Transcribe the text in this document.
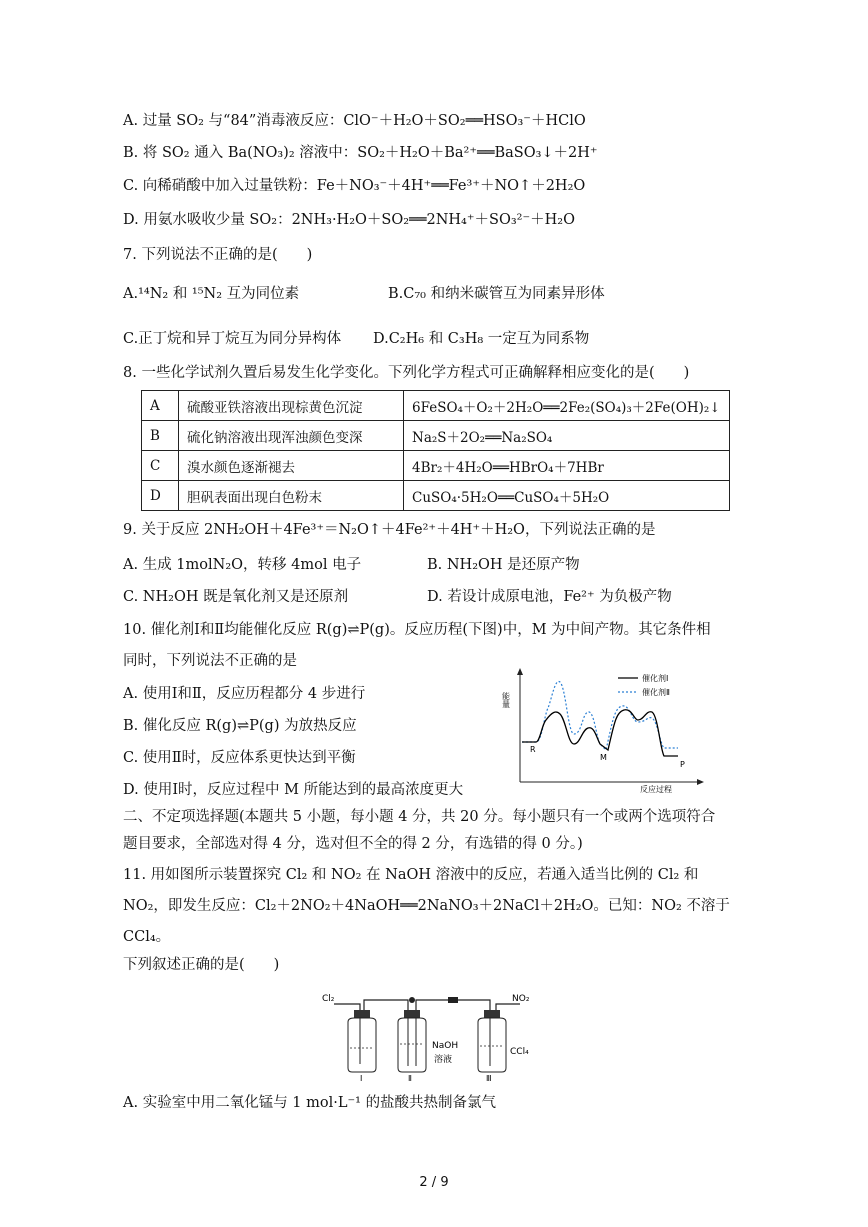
A. 过量 SO₂ 与“84”消毒液反应：ClO⁻＋H₂O＋SO₂══HSO₃⁻＋HClO
B. 将 SO₂ 通入 Ba(NO₃)₂ 溶液中：SO₂＋H₂O＋Ba²⁺══BaSO₃↓＋2H⁺
C. 向稀硝酸中加入过量铁粉：Fe＋NO₃⁻＋4H⁺══Fe³⁺＋NO↑＋2H₂O
D. 用氨水吸收少量 SO₂：2NH₃·H₂O＋SO₂══2NH₄⁺＋SO₃²⁻＋H₂O
7. 下列说法不正确的是(　　)
A.¹⁴N₂ 和 ¹⁵N₂ 互为同位素	B.C₇₀ 和纳米碳管互为同素异形体
C.正丁烷和异丁烷互为同分异构体 D.C₂H₆ 和 C₃H₈ 一定互为同系物
8. 一些化学试剂久置后易发生化学变化。下列化学方程式可正确解释相应变化的是(　　)
A	硫酸亚铁溶液出现棕黄色沉淀	6FeSO₄＋O₂＋2H₂O══2Fe₂(SO₄)₃＋2Fe(OH)₂↓
B	硫化钠溶液出现浑浊颜色变深	Na₂S＋2O₂══Na₂SO₄
C	溴水颜色逐渐褪去	4Br₂＋4H₂O══HBrO₄＋7HBr
D	胆矾表面出现白色粉末	CuSO₄·5H₂O══CuSO₄＋5H₂O
9. 关于反应 2NH₂OH＋4Fe³⁺＝N₂O↑＋4Fe²⁺＋4H⁺＋H₂O，下列说法正确的是
A. 生成 1molN₂O，转移 4mol 电子	B. NH₂OH 是还原产物
C. NH₂OH 既是氧化剂又是还原剂	D. 若设计成原电池，Fe²⁺ 为负极产物
10. 催化剂Ⅰ和Ⅱ均能催化反应 R(g)⇌P(g)。反应历程(下图)中，M 为中间产物。其它条件相
同时，下列说法不正确的是
A. 使用Ⅰ和Ⅱ，反应历程都分 4 步进行
B. 催化反应 R(g)⇌P(g) 为放热反应
C. 使用Ⅱ时，反应体系更快达到平衡
D. 使用Ⅰ时，反应过程中 M 所能达到的最高浓度更大
能量
反应过程
催化剂Ⅰ
催化剂Ⅱ
R
M
P
二、不定项选择题(本题共 5 小题，每小题 4 分，共 20 分。每小题只有一个或两个选项符合
题目要求，全部选对得 4 分，选对但不全的得 2 分，有选错的得 0 分。)
11. 用如图所示装置探究 Cl₂ 和 NO₂ 在 NaOH 溶液中的反应，若通入适当比例的 Cl₂ 和
NO₂，即发生反应：Cl₂＋2NO₂＋4NaOH══2NaNO₃＋2NaCl＋2H₂O。已知：NO₂ 不溶于
CCl₄。
下列叙述正确的是(　　)
Cl₂	NO₂
Ⅰ	Ⅱ
NaOH
溶液
Ⅲ
CCl₄
A. 实验室中用二氧化锰与 1 mol·L⁻¹ 的盐酸共热制备氯气
2 / 9
